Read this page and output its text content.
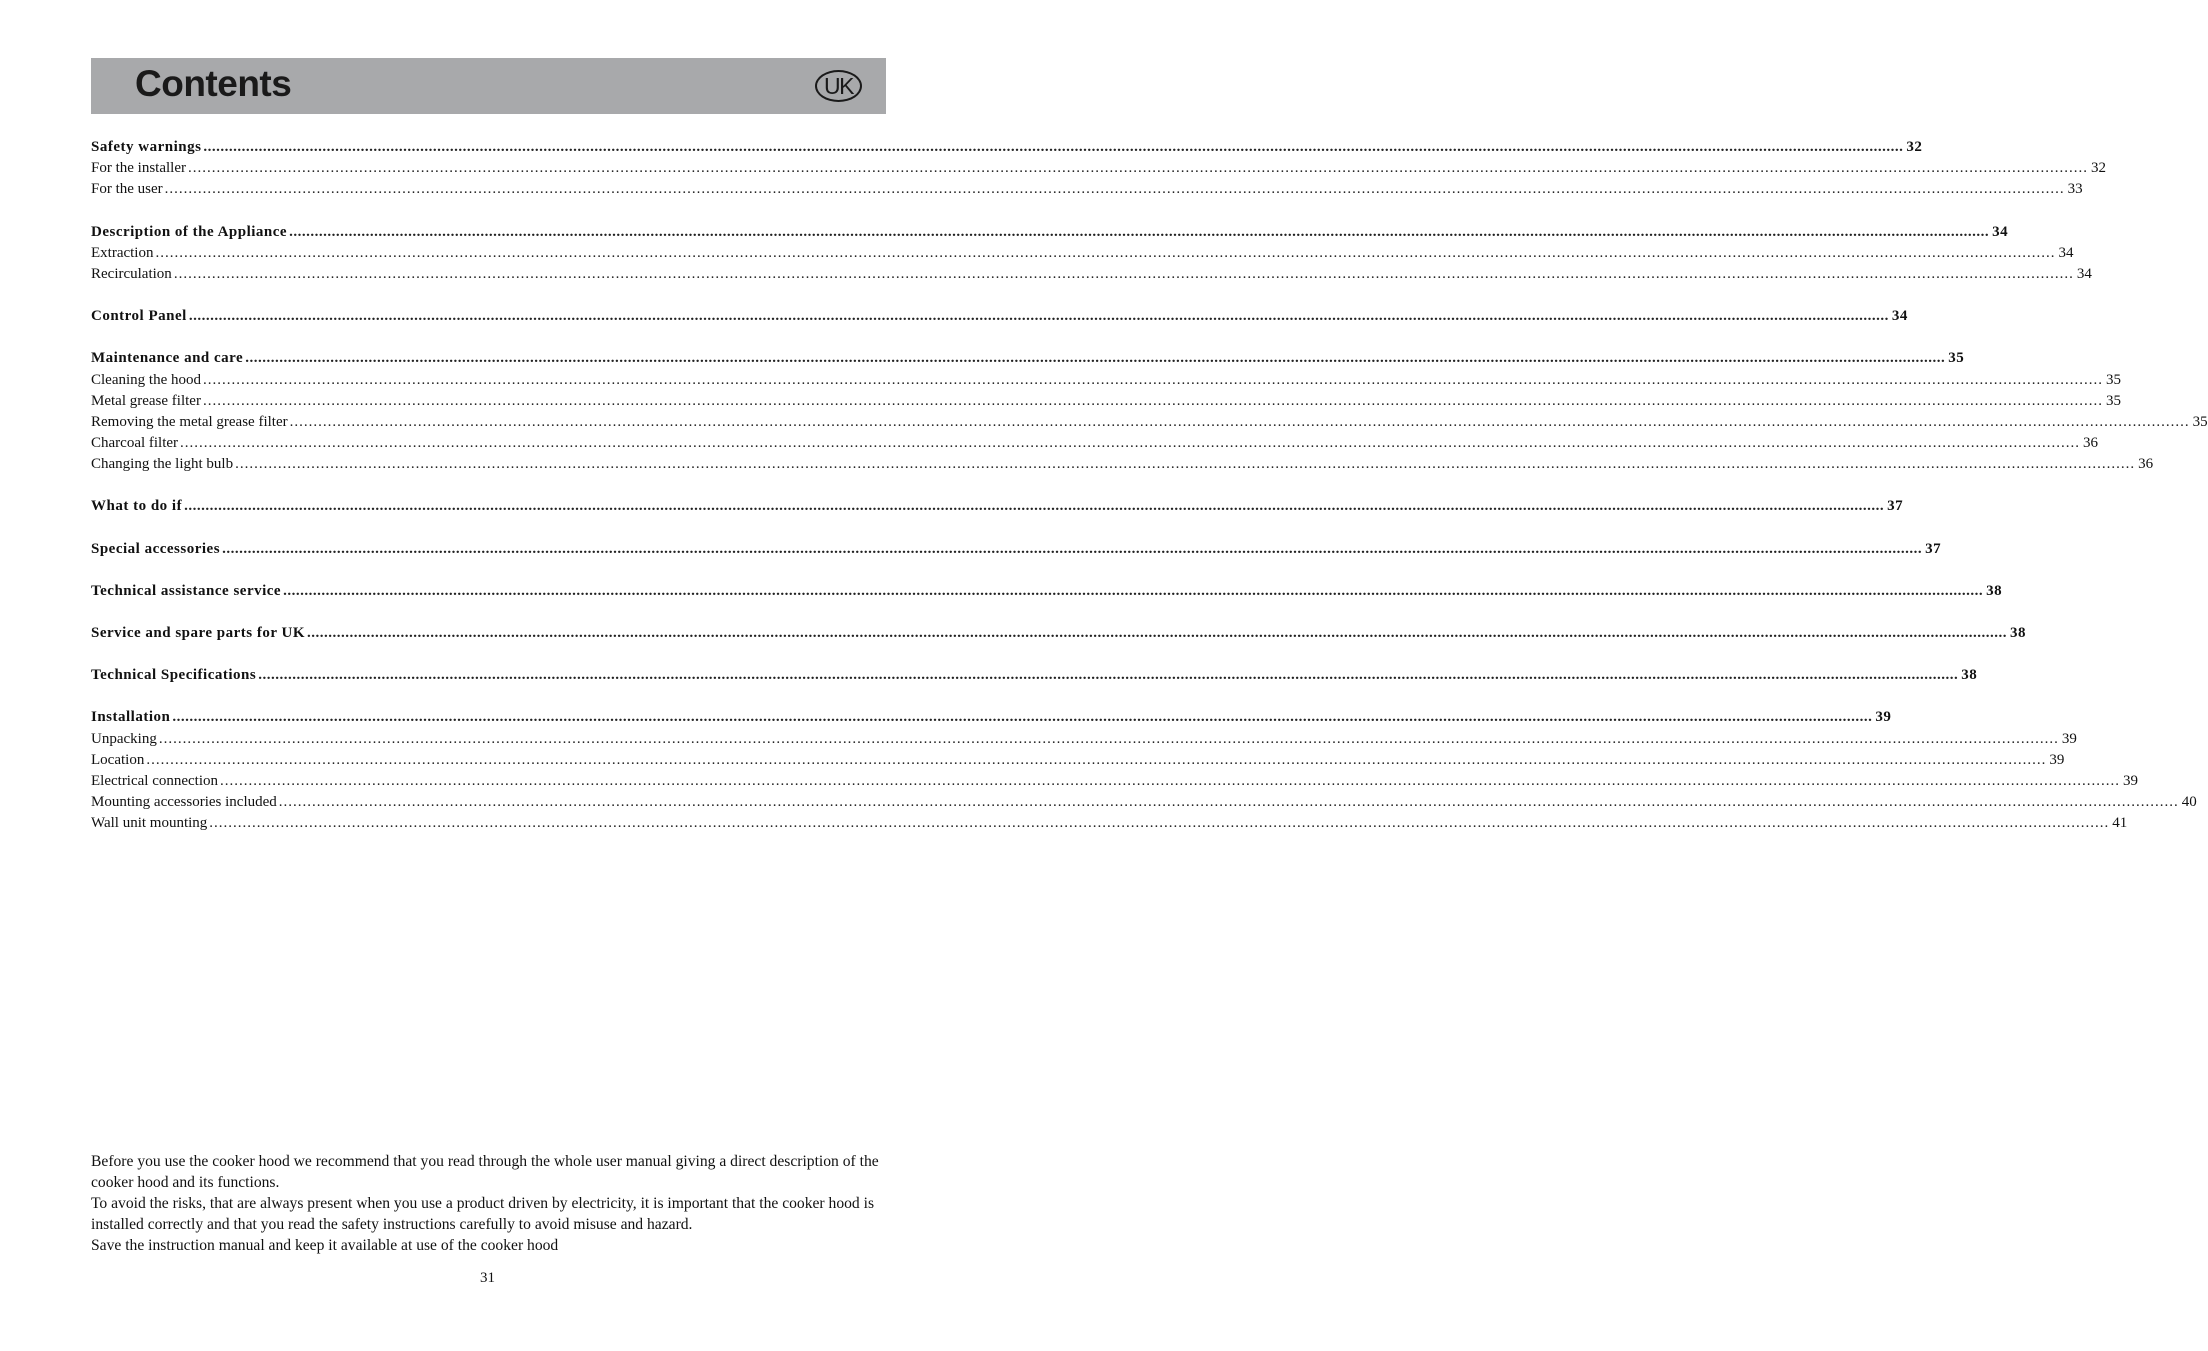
Contents	UK
Safety warnings ................................................................................................................................................................................................................................................................................................................................................................................................................ 32
For the installer ................................................................................................................................................................................................................................................................................................................................................................................................................ 32
For the user ................................................................................................................................................................................................................................................................................................................................................................................................................ 33
Description of the Appliance ................................................................................................................................................................................................................................................................................................................................................................................................................ 34
Extraction ................................................................................................................................................................................................................................................................................................................................................................................................................ 34
Recirculation ................................................................................................................................................................................................................................................................................................................................................................................................................ 34
Control Panel ................................................................................................................................................................................................................................................................................................................................................................................................................ 34
Maintenance and care ................................................................................................................................................................................................................................................................................................................................................................................................................ 35
Cleaning the hood ................................................................................................................................................................................................................................................................................................................................................................................................................ 35
Metal grease filter ................................................................................................................................................................................................................................................................................................................................................................................................................ 35
Removing the metal grease filter ................................................................................................................................................................................................................................................................................................................................................................................................................ 35
Charcoal filter ................................................................................................................................................................................................................................................................................................................................................................................................................ 36
Changing the light bulb ................................................................................................................................................................................................................................................................................................................................................................................................................ 36
What to do if ................................................................................................................................................................................................................................................................................................................................................................................................................ 37
Special accessories ................................................................................................................................................................................................................................................................................................................................................................................................................ 37
Technical assistance service ................................................................................................................................................................................................................................................................................................................................................................................................................ 38
Service and spare parts for UK ................................................................................................................................................................................................................................................................................................................................................................................................................ 38
Technical Specifications ................................................................................................................................................................................................................................................................................................................................................................................................................ 38
Installation ................................................................................................................................................................................................................................................................................................................................................................................................................ 39
Unpacking ................................................................................................................................................................................................................................................................................................................................................................................................................ 39
Location ................................................................................................................................................................................................................................................................................................................................................................................................................ 39
Electrical connection ................................................................................................................................................................................................................................................................................................................................................................................................................ 39
Mounting accessories included ................................................................................................................................................................................................................................................................................................................................................................................................................ 40
Wall unit mounting ................................................................................................................................................................................................................................................................................................................................................................................................................ 41

Before you use the cooker hood we recommend that you read through the whole user manual giving a direct description of the cooker hood and its functions.

To avoid the risks, that are always present when you use a product driven by electricity, it is important that the cooker hood is installed correctly and that you read the safety instructions carefully to avoid misuse and hazard.

Save the instruction manual and keep it available at use of the cooker hood

31
